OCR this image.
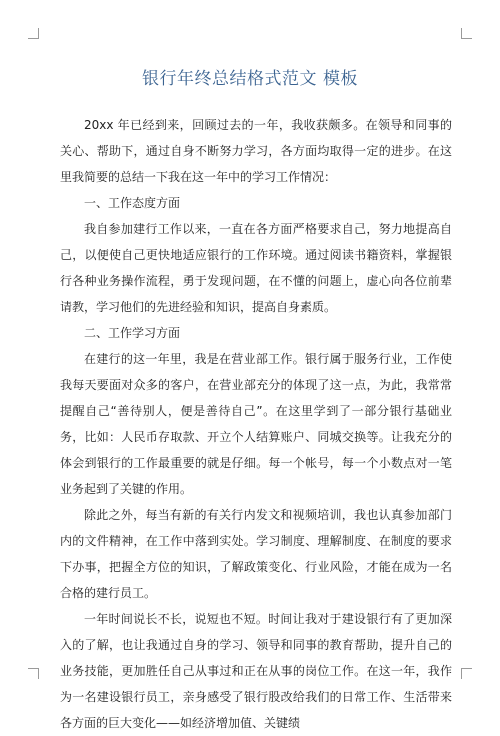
银行年终总结格式范文 模板

20xx 年已经到来，回顾过去的一年，我收获颇多。在领导和同事的关心、帮助下，通过自身不断努力学习，各方面均取得一定的进步。在这里我简要的总结一下我在这一年中的学习工作情况：

一、工作态度方面

我自参加建行工作以来，一直在各方面严格要求自己，努力地提高自己，以便使自己更快地适应银行的工作环境。通过阅读书籍资料，掌握银行各种业务操作流程，勇于发现问题，在不懂的问题上，虚心向各位前辈请教，学习他们的先进经验和知识，提高自身素质。

二、工作学习方面

在建行的这一年里，我是在营业部工作。银行属于服务行业，工作使我每天要面对众多的客户，在营业部充分的体现了这一点，为此，我常常提醒自己“善待别人，便是善待自己”。在这里学到了一部分银行基础业务，比如：人民币存取款、开立个人结算账户、同城交换等。让我充分的体会到银行的工作最重要的就是仔细。每一个帐号，每一个小数点对一笔业务起到了关键的作用。

除此之外，每当有新的有关行内发文和视频培训，我也认真参加部门内的文件精神，在工作中落到实处。学习制度、理解制度、在制度的要求下办事，把握全方位的知识，了解政策变化、行业风险，才能在成为一名合格的建行员工。

一年时间说长不长，说短也不短。时间让我对于建设银行有了更加深入的了解，也让我通过自身的学习、领导和同事的教育帮助，提升自己的业务技能，更加胜任自己从事过和正在从事的岗位工作。在这一年，我作为一名建设银行员工，亲身感受了银行股改给我们的日常工作、生活带来各方面的巨大变化——如经济增加值、关键绩
